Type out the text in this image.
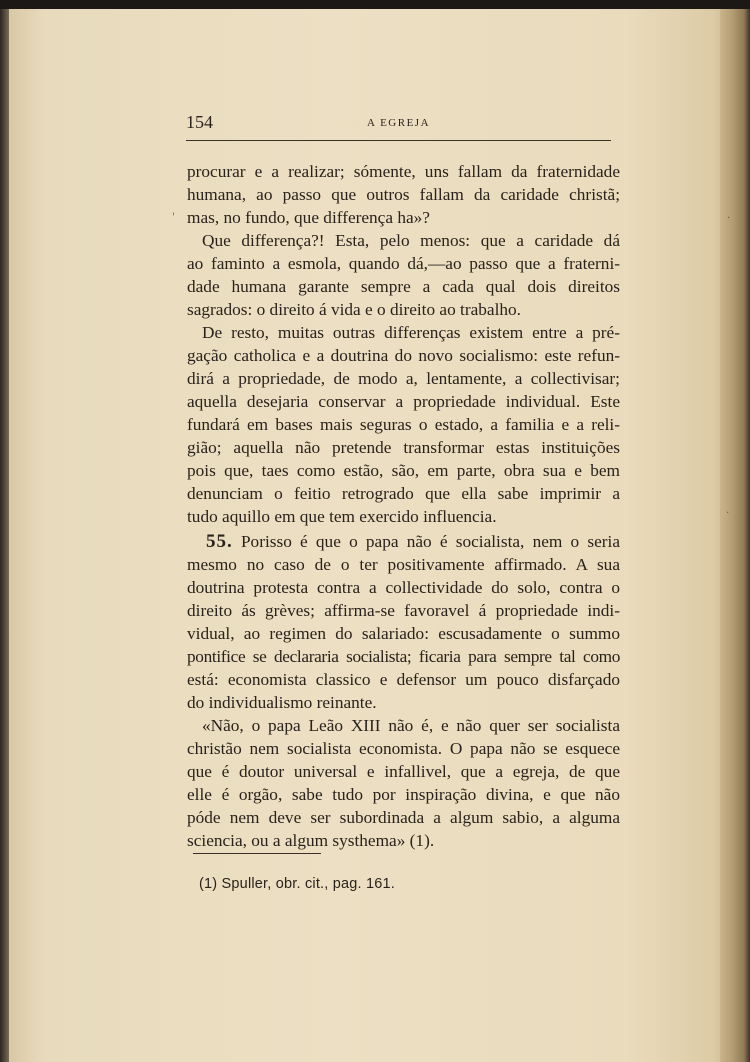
154	A EGREJA
procurar e a realizar; sómente, uns fallam da fraternidade
humana, ao passo que outros fallam da caridade christã;
mas, no fundo, que differença ha»?
Que differença?! Esta, pelo menos: que a caridade dá
ao faminto a esmola, quando dá,—ao passo que a fraterni-
dade humana garante sempre a cada qual dois direitos
sagrados: o direito á vida e o direito ao trabalho.
De resto, muitas outras differenças existem entre a pré-
gação catholica e a doutrina do novo socialismo: este refun-
dirá a propriedade, de modo a, lentamente, a collectivisar;
aquella desejaria conservar a propriedade individual. Este
fundará em bases mais seguras o estado, a familia e a reli-
gião; aquella não pretende transformar estas instituições
pois que, taes como estão, são, em parte, obra sua e bem
denunciam o feitio retrogrado que ella sabe imprimir a
tudo aquillo em que tem exercido influencia.
55. Porisso é que o papa não é socialista, nem o seria
mesmo no caso de o ter positivamente affirmado. A sua
doutrina protesta contra a collectividade do solo, contra o
direito ás grèves; affirma-se favoravel á propriedade indi-
vidual, ao regimen do salariado: escusadamente o summo
pontifice se declararia socialista; ficaria para sempre tal como
está: economista classico e defensor um pouco disfarçado
do individualismo reinante.
«Não, o papa Leão XIII não é, e não quer ser socialista
christão nem socialista economista. O papa não se esquece
que é doutor universal e infallivel, que a egreja, de que
elle é orgão, sabe tudo por inspiração divina, e que não
póde nem deve ser subordinada a algum sabio, a alguma
sciencia, ou a algum systhema» (1).
(1) Spuller, obr. cit., pag. 161.
'	.
.
